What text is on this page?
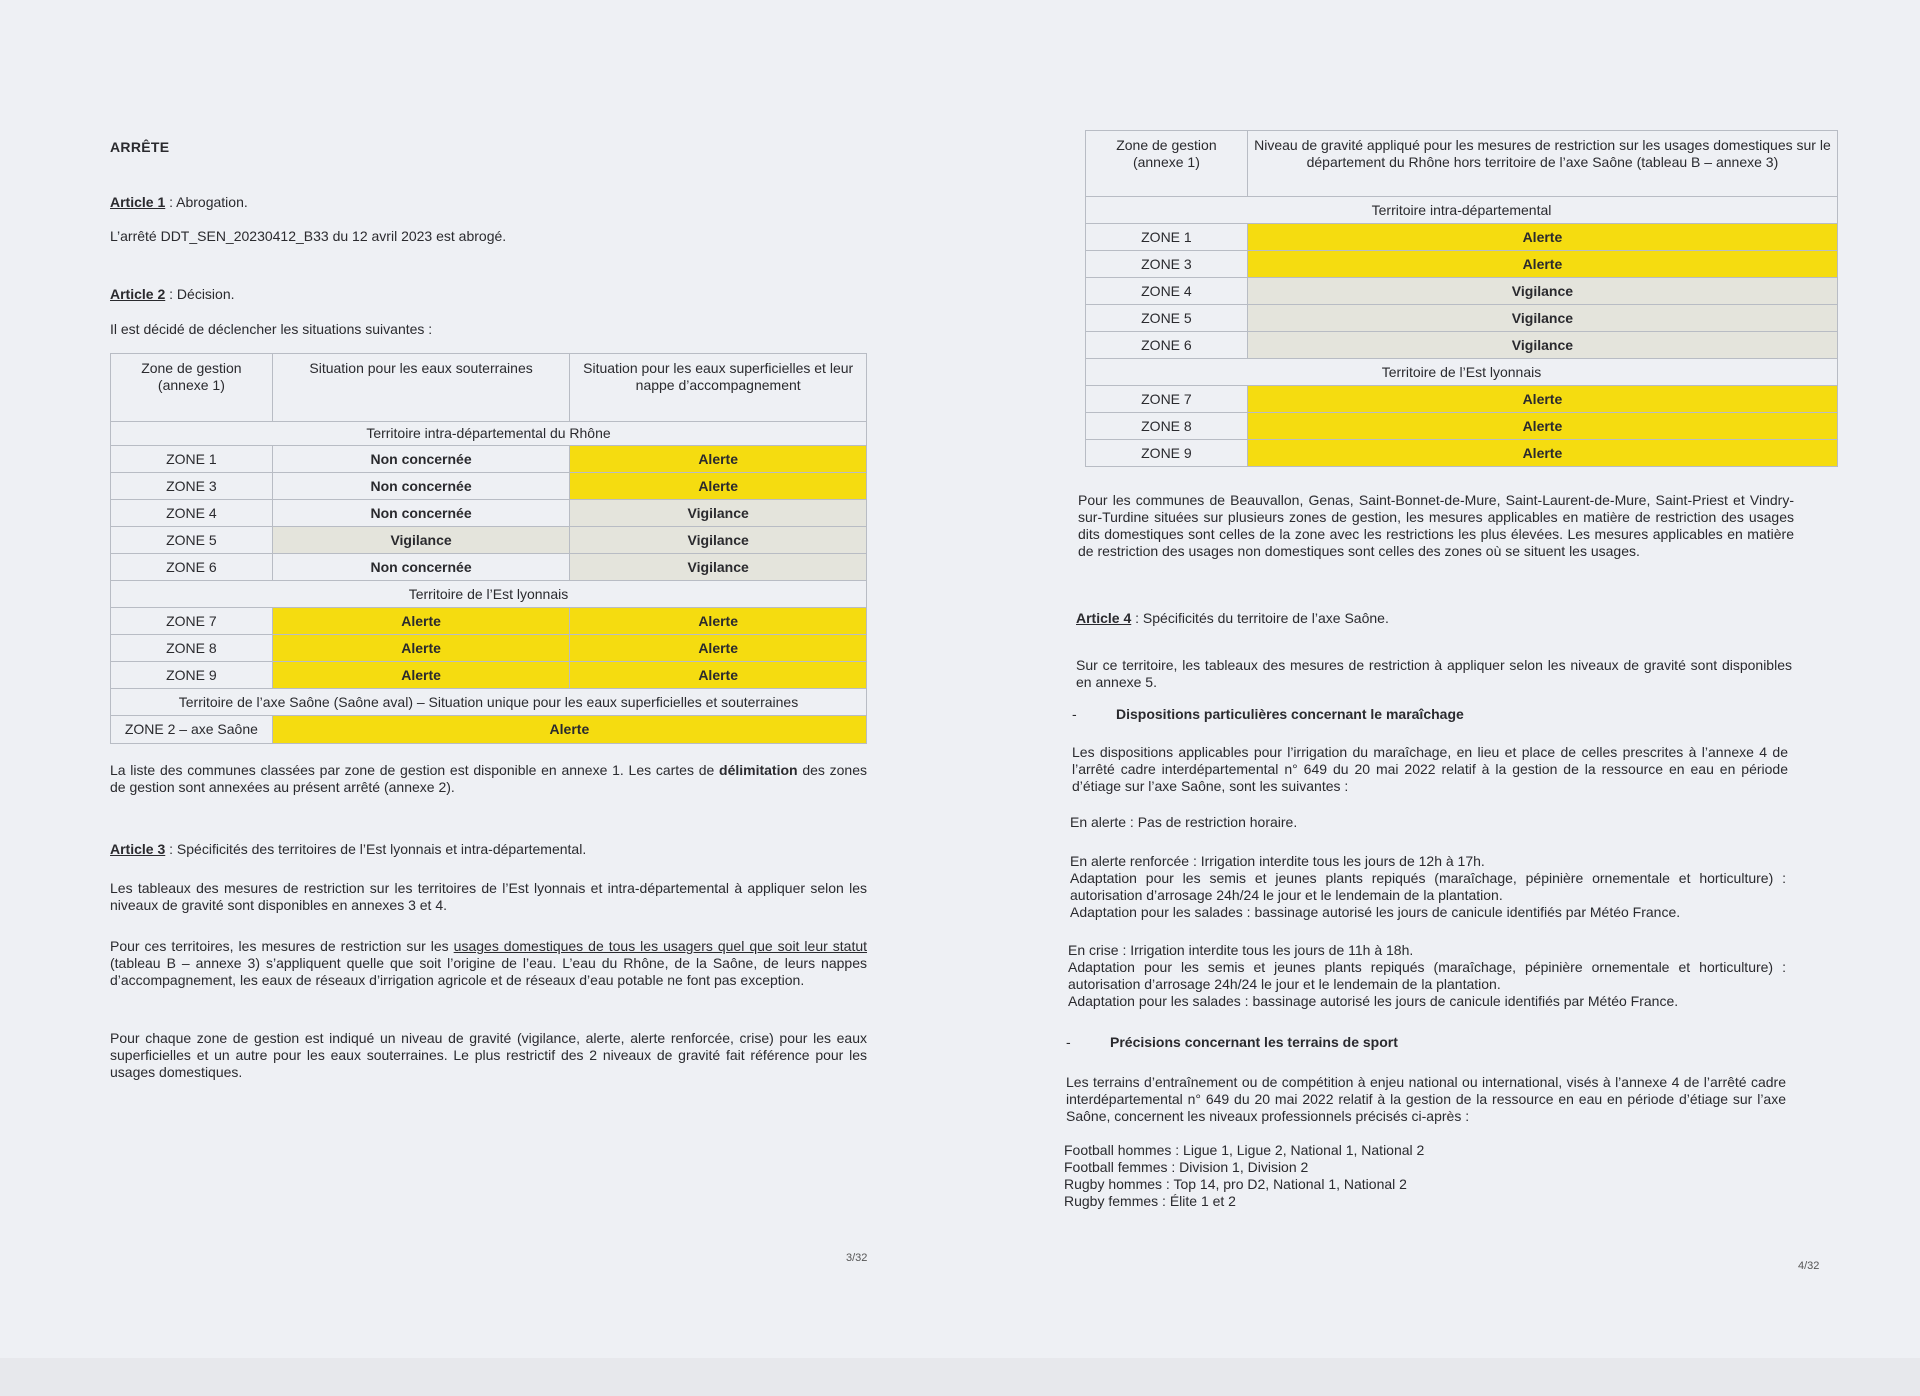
ARRÊTE
Article 1 : Abrogation.
L’arrêté DDT_SEN_20230412_B33 du 12 avril 2023 est abrogé.
Article 2 : Décision.
Il est décidé de déclencher les situations suivantes :
Zone de gestion (annexe 1)	Situation pour les eaux souterraines	Situation pour les eaux superficielles et leur nappe d’accompagnement
Territoire intra-départemental du Rhône		
ZONE 1	Non concernée	Alerte
ZONE 3	Non concernée	Alerte
ZONE 4	Non concernée	Vigilance
ZONE 5	Vigilance	Vigilance
ZONE 6	Non concernée	Vigilance
Territoire de l’Est lyonnais		
ZONE 7	Alerte	Alerte
ZONE 8	Alerte	Alerte
ZONE 9	Alerte	Alerte
Territoire de l’axe Saône (Saône aval) – Situation unique pour les eaux superficielles et souterraines		
ZONE 2 – axe Saône	Alerte	
La liste des communes classées par zone de gestion est disponible en annexe 1. Les cartes de délimitation des zones de gestion sont annexées au présent arrêté (annexe 2).
Article 3 : Spécificités des territoires de l’Est lyonnais et intra-départemental.
Les tableaux des mesures de restriction sur les territoires de l’Est lyonnais et intra-départemental à appliquer selon les niveaux de gravité sont disponibles en annexes 3 et 4.
Pour ces territoires, les mesures de restriction sur les usages domestiques de tous les usagers quel que soit leur statut (tableau B – annexe 3) s’appliquent quelle que soit l’origine de l’eau. L’eau du Rhône, de la Saône, de leurs nappes d’accompagnement, les eaux de réseaux d’irrigation agricole et de réseaux d’eau potable ne font pas exception.
Pour chaque zone de gestion est indiqué un niveau de gravité (vigilance, alerte, alerte renforcée, crise) pour les eaux superficielles et un autre pour les eaux souterraines. Le plus restrictif des 2 niveaux de gravité fait référence pour les usages domestiques.
3/32
Zone de gestion (annexe 1)	Niveau de gravité appliqué pour les mesures de restriction sur les usages domestiques sur le département du Rhône hors territoire de l’axe Saône (tableau B – annexe 3)
Territoire intra-départemental	
ZONE 1	Alerte
ZONE 3	Alerte
ZONE 4	Vigilance
ZONE 5	Vigilance
ZONE 6	Vigilance
Territoire de l’Est lyonnais	
ZONE 7	Alerte
ZONE 8	Alerte
ZONE 9	Alerte
Pour les communes de Beauvallon, Genas, Saint-Bonnet-de-Mure, Saint-Laurent-de-Mure, Saint-Priest et Vindry-sur-Turdine situées sur plusieurs zones de gestion, les mesures applicables en matière de restriction des usages dits domestiques sont celles de la zone avec les restrictions les plus élevées. Les mesures applicables en matière de restriction des usages non domestiques sont celles des zones où se situent les usages.
Article 4 : Spécificités du territoire de l’axe Saône.
Sur ce territoire, les tableaux des mesures de restriction à appliquer selon les niveaux de gravité sont disponibles en annexe 5.
-	Dispositions particulières concernant le maraîchage
Les dispositions applicables pour l’irrigation du maraîchage, en lieu et place de celles prescrites à l’annexe 4 de l’arrêté cadre interdépartemental n° 649 du 20 mai 2022 relatif à la gestion de la ressource en eau en période d’étiage sur l’axe Saône, sont les suivantes :
En alerte : Pas de restriction horaire.
En alerte renforcée : Irrigation interdite tous les jours de 12h à 17h.
Adaptation pour les semis et jeunes plants repiqués (maraîchage, pépinière ornementale et horticulture) : autorisation d’arrosage 24h/24 le jour et le lendemain de la plantation.
Adaptation pour les salades : bassinage autorisé les jours de canicule identifiés par Météo France.
En crise : Irrigation interdite tous les jours de 11h à 18h.
Adaptation pour les semis et jeunes plants repiqués (maraîchage, pépinière ornementale et horticulture) : autorisation d’arrosage 24h/24 le jour et le lendemain de la plantation.
Adaptation pour les salades : bassinage autorisé les jours de canicule identifiés par Météo France.
-	Précisions concernant les terrains de sport
Les terrains d’entraînement ou de compétition à enjeu national ou international, visés à l’annexe 4 de l’arrêté cadre interdépartemental n° 649 du 20 mai 2022 relatif à la gestion de la ressource en eau en période d’étiage sur l’axe Saône, concernent les niveaux professionnels précisés ci-après :
Football hommes : Ligue 1, Ligue 2, National 1, National 2
Football femmes : Division 1, Division 2
Rugby hommes : Top 14, pro D2, National 1, National 2
Rugby femmes : Élite 1 et 2
4/32
